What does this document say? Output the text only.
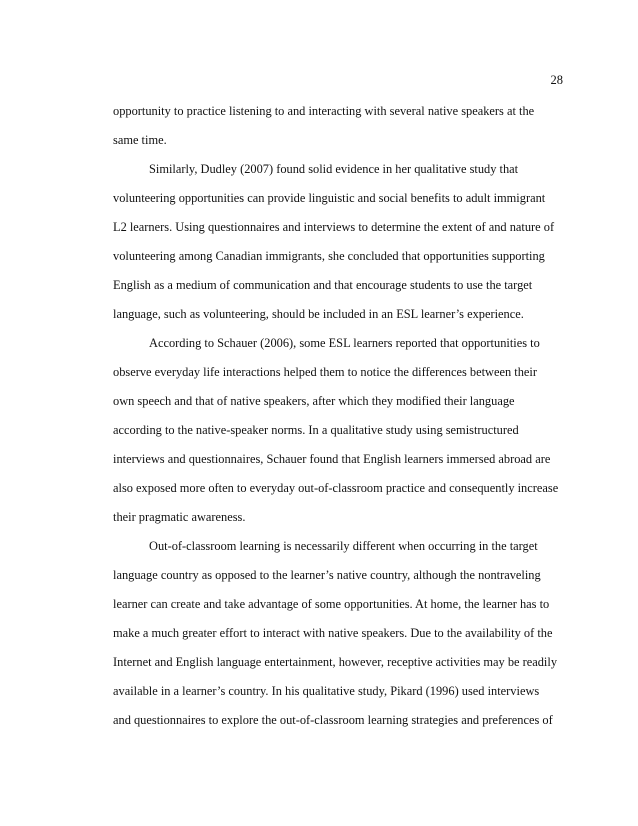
28
opportunity to practice listening to and interacting with several native speakers at the
same time.
Similarly, Dudley (2007) found solid evidence in her qualitative study that
volunteering opportunities can provide linguistic and social benefits to adult immigrant
L2 learners. Using questionnaires and interviews to determine the extent of and nature of
volunteering among Canadian immigrants, she concluded that opportunities supporting
English as a medium of communication and that encourage students to use the target
language, such as volunteering, should be included in an ESL learner’s experience.
According to Schauer (2006), some ESL learners reported that opportunities to
observe everyday life interactions helped them to notice the differences between their
own speech and that of native speakers, after which they modified their language
according to the native-speaker norms. In a qualitative study using semistructured
interviews and questionnaires, Schauer found that English learners immersed abroad are
also exposed more often to everyday out-of-classroom practice and consequently increase
their pragmatic awareness.
Out-of-classroom learning is necessarily different when occurring in the target
language country as opposed to the learner’s native country, although the nontraveling
learner can create and take advantage of some opportunities. At home, the learner has to
make a much greater effort to interact with native speakers. Due to the availability of the
Internet and English language entertainment, however, receptive activities may be readily
available in a learner’s country. In his qualitative study, Pikard (1996) used interviews
and questionnaires to explore the out-of-classroom learning strategies and preferences of
